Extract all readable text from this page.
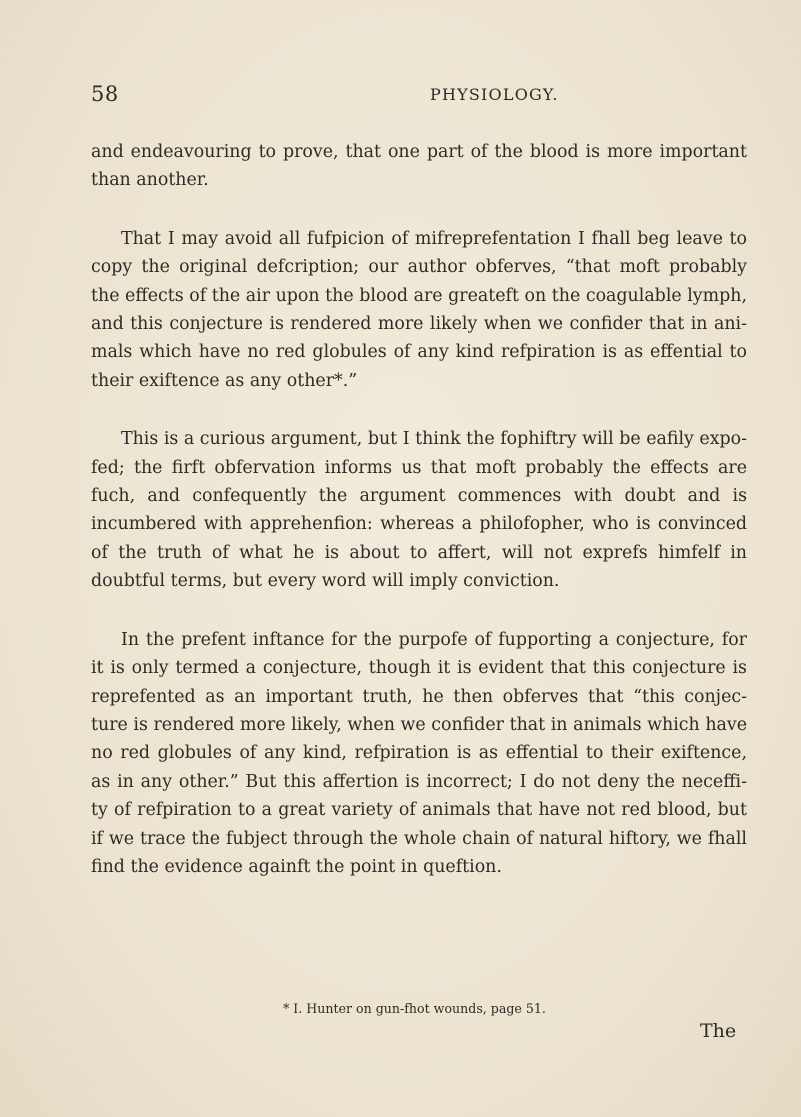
58	PHYSIOLOGY.

and endeavouring to prove, that one part of the blood is more important than another.

That I may avoid all fufpicion of mifreprefentation I fhall beg leave to copy the original defcription; our author obferves, “that moft probably the effects of the air upon the blood are greateft on the coagulable lymph, and this conjecture is rendered more likely when we confider that in ani- mals which have no red globules of any kind refpiration is as effential to their exiftence as any other*.”

This is a curious argument, but I think the fophiftry will be eafily expo- fed; the firft obfervation informs us that moft probably the effects are fuch, and confequently the argument commences with doubt and is incumbered with apprehenfion: whereas a philofopher, who is convinced of the truth of what he is about to affert, will not exprefs himfelf in doubtful terms, but every word will imply conviction.

In the prefent inftance for the purpofe of fupporting a conjecture, for it is only termed a conjecture, though it is evident that this conjecture is reprefented as an important truth, he then obferves that “this conjec- ture is rendered more likely, when we confider that in animals which have no red globules of any kind, refpiration is as effential to their exiftence, as in any other.” But this affertion is incorrect; I do not deny the neceffi- ty of refpiration to a great variety of animals that have not red blood, but if we trace the fubject through the whole chain of natural hiftory, we fhall find the evidence againft the point in queftion.

* I. Hunter on gun-fhot wounds, page 51.
The
